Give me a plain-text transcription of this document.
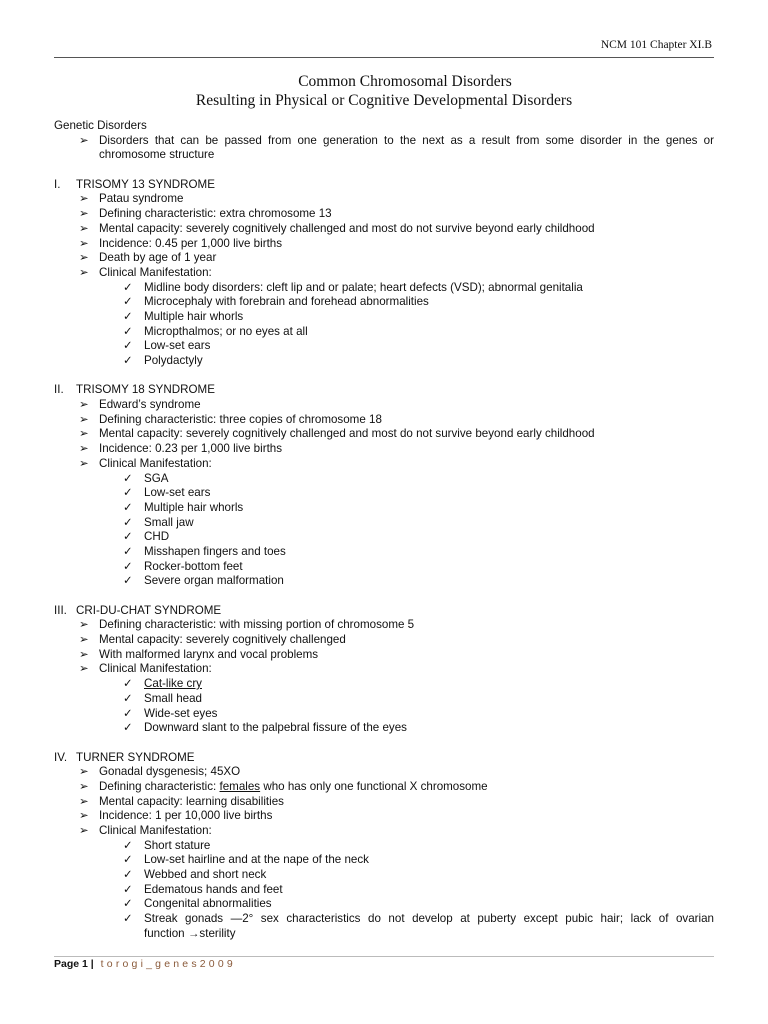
NCM 101 Chapter XI.B
Common Chromosomal Disorders
Resulting in Physical or Cognitive Developmental Disorders
Genetic Disorders
➢ Disorders that can be passed from one generation to the next as a result from some disorder in the genes or
chromosome structure
I. TRISOMY 13 SYNDROME
➢ Patau syndrome
➢ Defining characteristic: extra chromosome 13
➢ Mental capacity: severely cognitively challenged and most do not survive beyond early childhood
➢ Incidence: 0.45 per 1,000 live births
➢ Death by age of 1 year
➢ Clinical Manifestation:
✓ Midline body disorders: cleft lip and or palate; heart defects (VSD); abnormal genitalia
✓ Microcephaly with forebrain and forehead abnormalities
✓ Multiple hair whorls
✓ Micropthalmos; or no eyes at all
✓ Low-set ears
✓ Polydactyly
II. TRISOMY 18 SYNDROME
➢ Edward’s syndrome
➢ Defining characteristic: three copies of chromosome 18
➢ Mental capacity: severely cognitively challenged and most do not survive beyond early childhood
➢ Incidence: 0.23 per 1,000 live births
➢ Clinical Manifestation:
✓ SGA
✓ Low-set ears
✓ Multiple hair whorls
✓ Small jaw
✓ CHD
✓ Misshapen fingers and toes
✓ Rocker-bottom feet
✓ Severe organ malformation
III. CRI-DU-CHAT SYNDROME
➢ Defining characteristic: with missing portion of chromosome 5
➢ Mental capacity: severely cognitively challenged
➢ With malformed larynx and vocal problems
➢ Clinical Manifestation:
✓ Cat-like cry
✓ Small head
✓ Wide-set eyes
✓ Downward slant to the palpebral fissure of the eyes
IV. TURNER SYNDROME
➢ Gonadal dysgenesis; 45XO
➢ Defining characteristic: females who has only one functional X chromosome
➢ Mental capacity: learning disabilities
➢ Incidence: 1 per 10,000 live births
➢ Clinical Manifestation:
✓ Short stature
✓ Low-set hairline and at the nape of the neck
✓ Webbed and short neck
✓ Edematous hands and feet
✓ Congenital abnormalities
✓ Streak gonads —2° sex characteristics do not develop at puberty except pubic hair; lack of ovarian
function →sterility
Page 1 | torogi_genes2009
